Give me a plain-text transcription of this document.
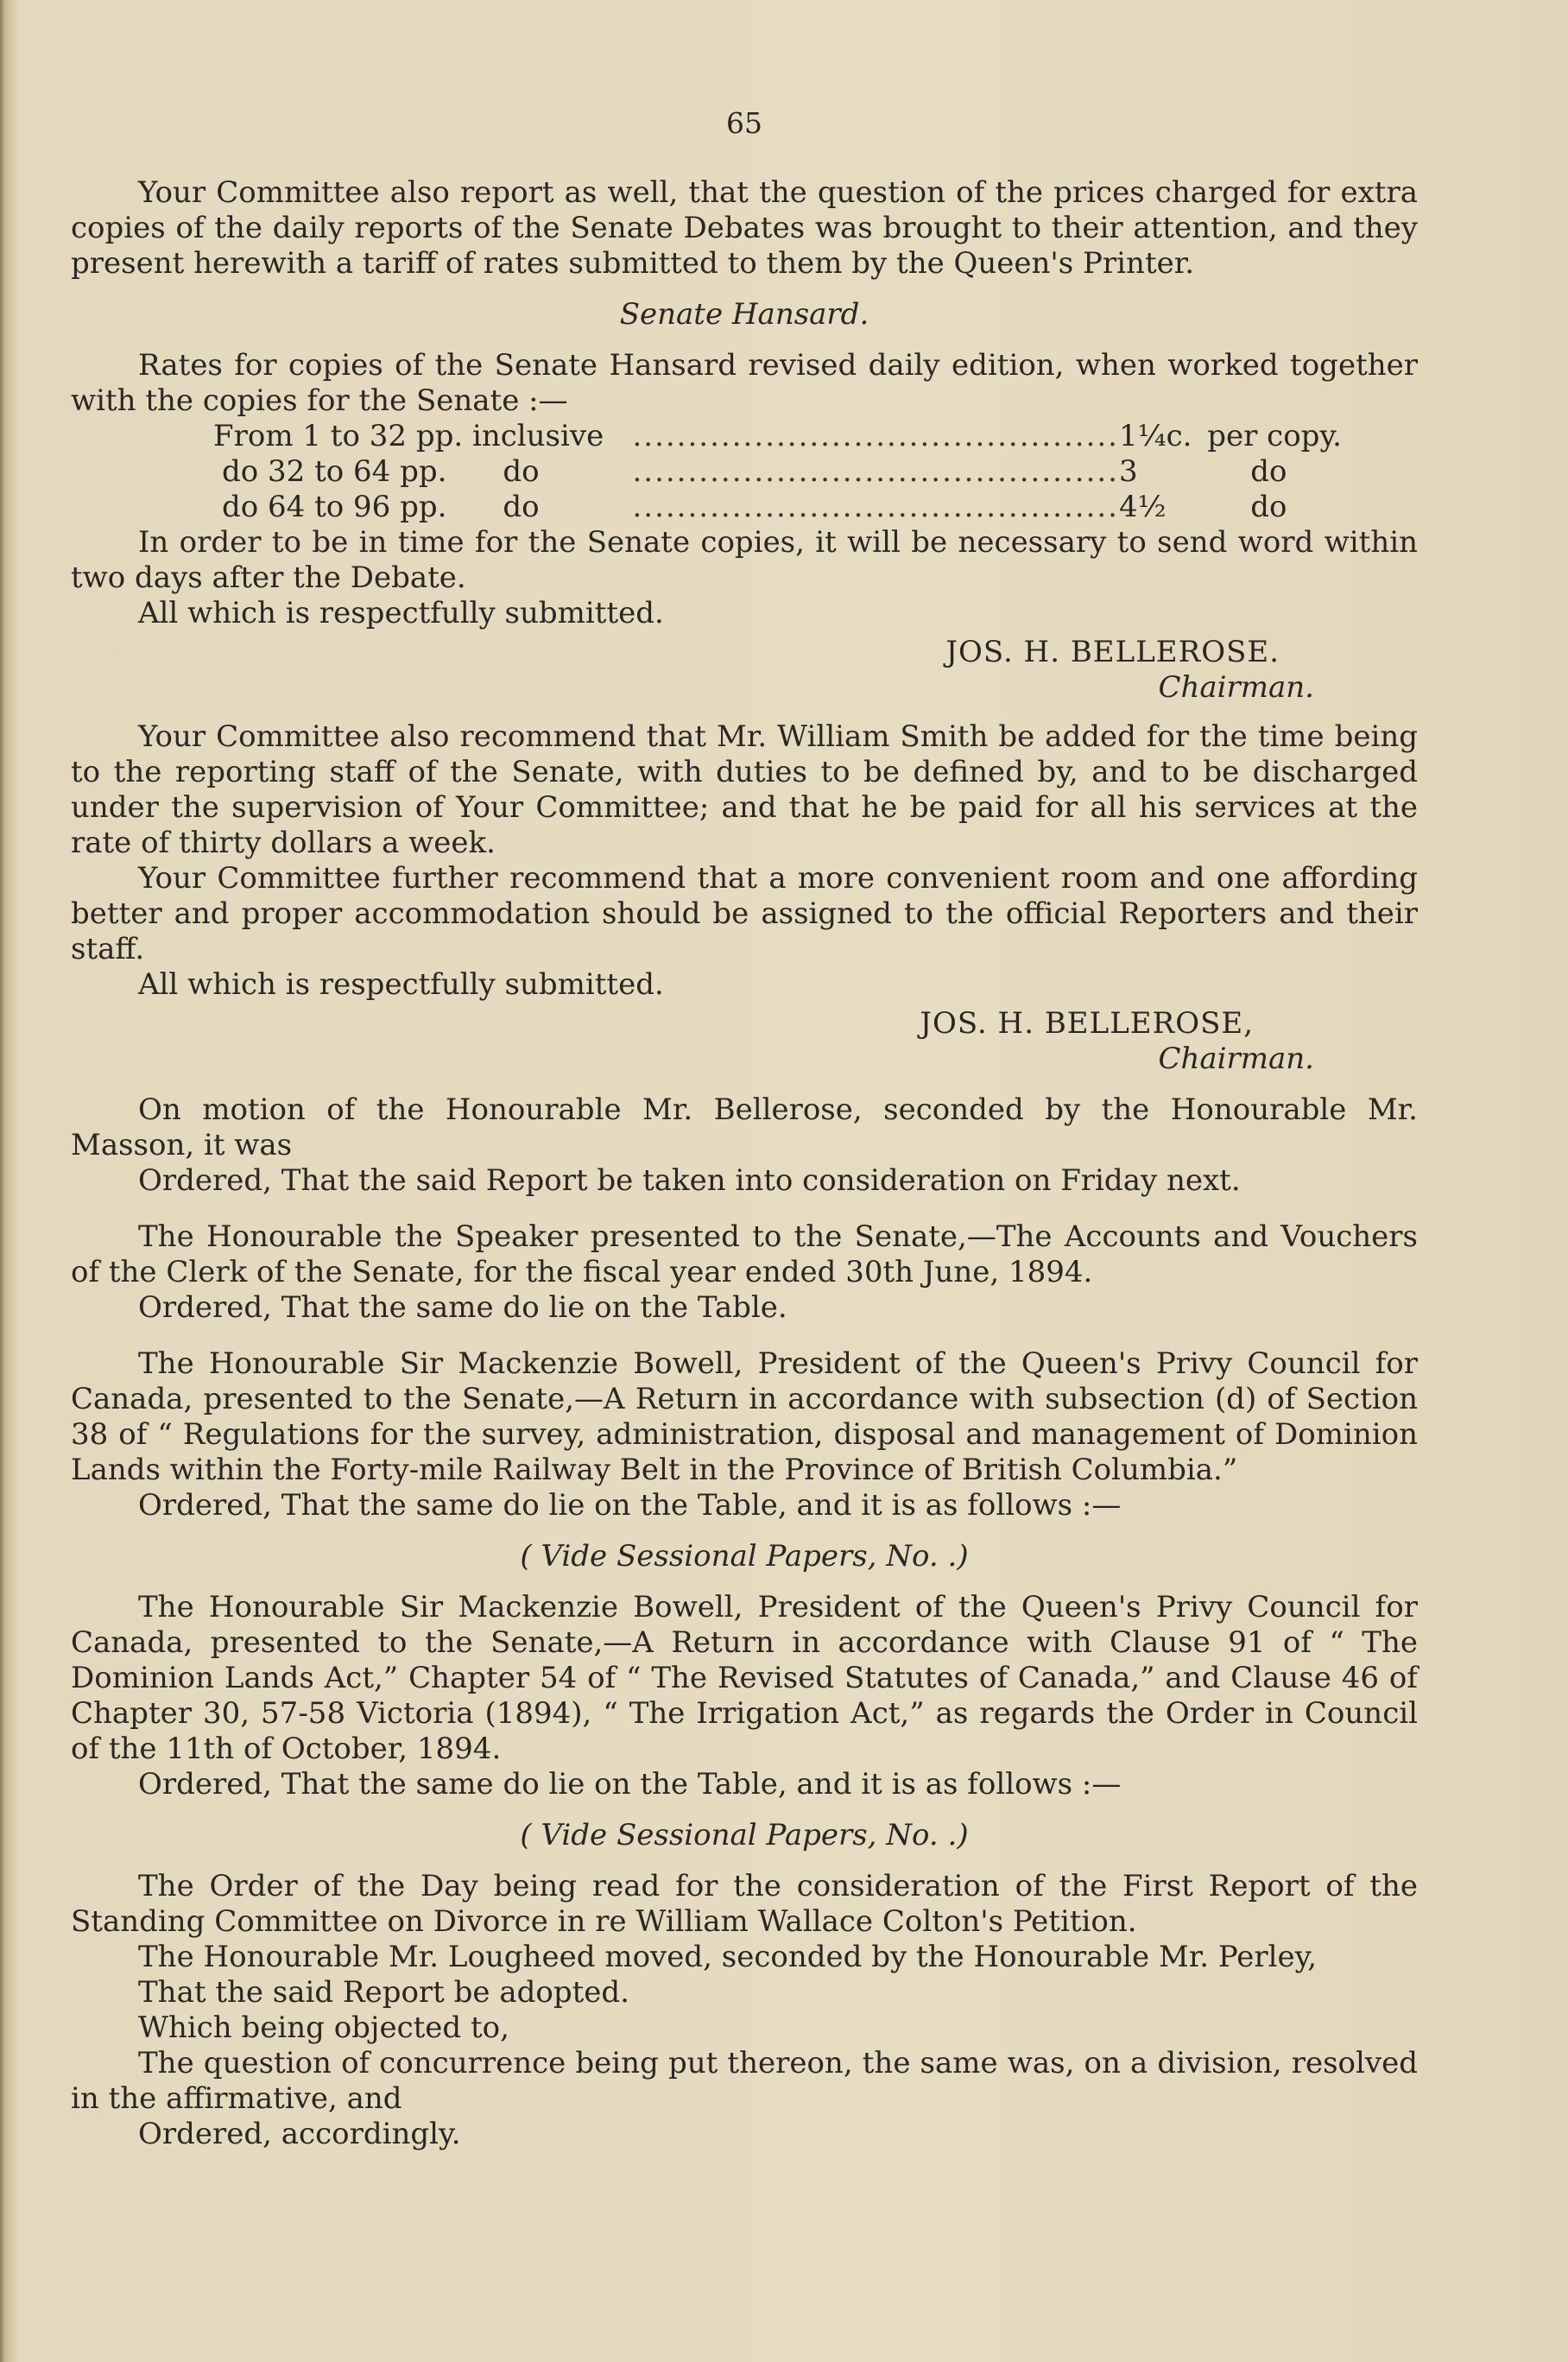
65

Your Committee also report as well, that the question of the prices charged for extra copies of the daily reports of the Senate Debates was brought to their attention, and they present herewith a tariff of rates submitted to them by the Queen's Printer.

Senate Hansard.

Rates for copies of the Senate Hansard revised daily edition, when worked together with the copies for the Senate :—

From 1 to 32 pp. inclusive	............................................	1¼c.	per copy.
do 32 to 64 pp. do	............................................	3	do
do 64 to 96 pp. do	............................................	4½	do

In order to be in time for the Senate copies, it will be necessary to send word within two days after the Debate.

All which is respectfully submitted.

JOS. H. BELLEROSE.

Chairman.

Your Committee also recommend that Mr. William Smith be added for the time being to the reporting staff of the Senate, with duties to be defined by, and to be discharged under the supervision of Your Committee; and that he be paid for all his services at the rate of thirty dollars a week.

Your Committee further recommend that a more convenient room and one affording better and proper accommodation should be assigned to the official Reporters and their staff.

All which is respectfully submitted.

JOS. H. BELLEROSE,

Chairman.

On motion of the Honourable Mr. Bellerose, seconded by the Honourable Mr. Masson, it was

Ordered, That the said Report be taken into consideration on Friday next.

The Honourable the Speaker presented to the Senate,—The Accounts and Vouchers of the Clerk of the Senate, for the fiscal year ended 30th June, 1894.

Ordered, That the same do lie on the Table.

The Honourable Sir Mackenzie Bowell, President of the Queen's Privy Council for Canada, presented to the Senate,—A Return in accordance with subsection (d) of Section 38 of “ Regulations for the survey, administration, disposal and management of Dominion Lands within the Forty-mile Railway Belt in the Province of British Columbia.”

Ordered, That the same do lie on the Table, and it is as follows :—

( Vide Sessional Papers, No. .)

The Honourable Sir Mackenzie Bowell, President of the Queen's Privy Council for Canada, presented to the Senate,—A Return in accordance with Clause 91 of “ The Dominion Lands Act,” Chapter 54 of “ The Revised Statutes of Canada,” and Clause 46 of Chapter 30, 57-58 Victoria (1894), “ The Irrigation Act,” as regards the Order in Council of the 11th of October, 1894.

Ordered, That the same do lie on the Table, and it is as follows :—

( Vide Sessional Papers, No. .)

The Order of the Day being read for the consideration of the First Report of the Standing Committee on Divorce in re William Wallace Colton's Petition.

The Honourable Mr. Lougheed moved, seconded by the Honourable Mr. Perley,

That the said Report be adopted.

Which being objected to,

The question of concurrence being put thereon, the same was, on a division, resolved in the affirmative, and

Ordered, accordingly.
